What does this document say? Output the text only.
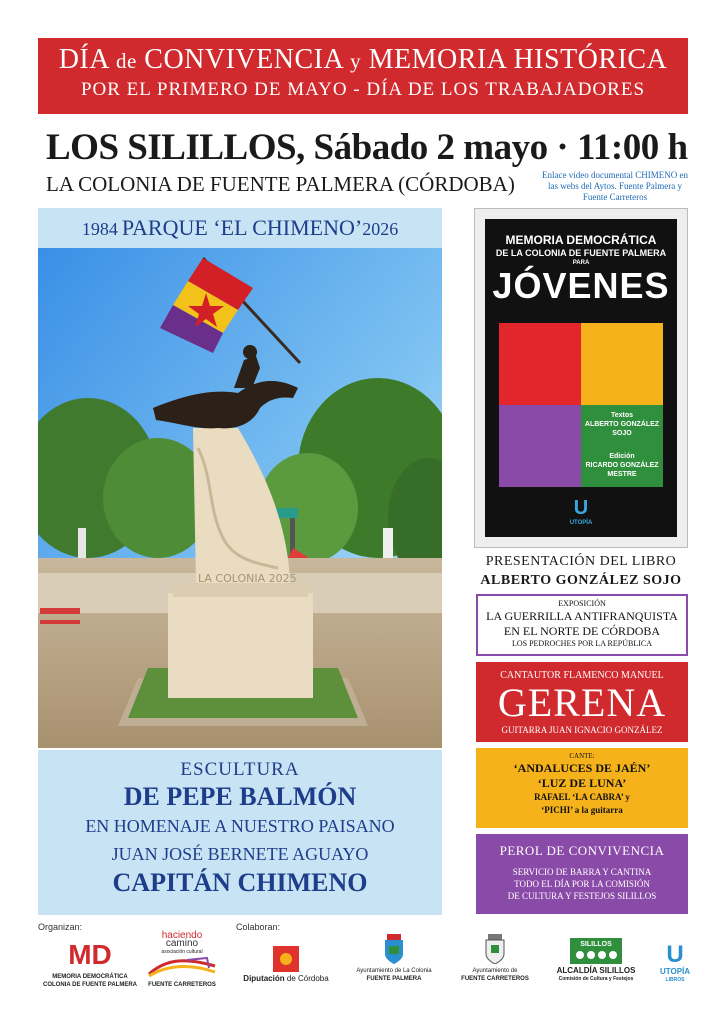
DÍA de CONVIVENCIA y MEMORIA HISTÓRICA
POR EL PRIMERO DE MAYO - DÍA DE LOS TRABAJADORES
LOS SILILLOS, Sábado 2 mayo · 11:00 h
LA COLONIA DE FUENTE PALMERA (CÓRDOBA)	Enlace vídeo documental CHIMENO en las webs del Aytos. Fuente Palmera y Fuente Carreteros
1984 PARQUE ‘EL CHIMENO’2026
LA COLONIA 2025
ESCULTURA
DE PEPE BALMÓN
EN HOMENAJE A NUESTRO PAISANO
JUAN JOSÉ BERNETE AGUAYO
CAPITÁN CHIMENO
MEMORIA DEMOCRÁTICA
DE LA COLONIA DE FUENTE PALMERA
PARA
JÓVENES
Textos
ALBERTO GONZÁLEZ SOJO
Edición
RICARDO GONZÁLEZ MESTRE
U
UTOPÍA
PRESENTACIÓN DEL LIBRO
ALBERTO GONZÁLEZ SOJO
EXPOSICIÓN
LA GUERRILLA ANTIFRANQUISTA
EN EL NORTE DE CÓRDOBA
LOS PEDROCHES POR LA REPÚBLICA
CANTAUTOR FLAMENCO MANUEL
GERENA
GUITARRA JUAN IGNACIO GONZÁLEZ
CANTE:
‘ANDALUCES DE JAÉN’
‘LUZ DE LUNA’
RAFAEL ‘LA CABRA’ y
‘PICHI’ a la guitarra
PEROL DE CONVIVENCIA
SERVICIO DE BARRA Y CANTINA
TODO EL DÍA POR LA COMISIÓN
DE CULTURA Y FESTEJOS SILILLOS
Organizan:	Colaboran:
MD
MEMORIA DEMOCRÁTICA
COLONIA DE FUENTE PALMERA
haciendo
camino
asociación cultural
FUENTE CARRETEROS
Diputación de Córdoba
Ayuntamiento de La Colonia
FUENTE PALMERA
Ayuntamiento de
FUENTE CARRETEROS
SILILLOS
ALCALDÍA SILILLOS
Comisión de Cultura y Festejos
U
UTOPÍA
LIBROS
